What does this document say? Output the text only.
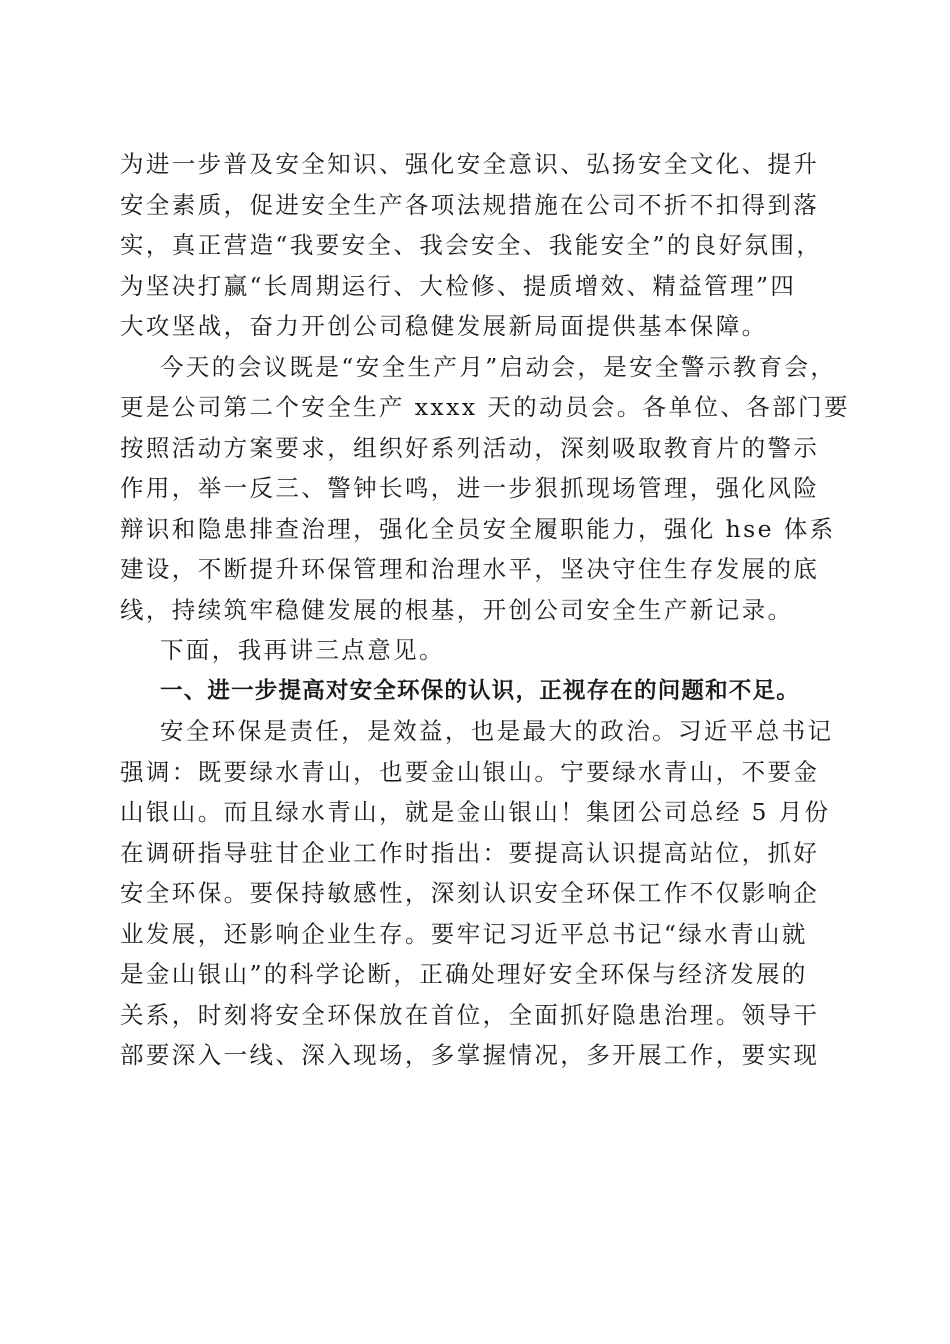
为进一步普及安全知识、强化安全意识、弘扬安全文化、提升
安全素质，促进安全生产各项法规措施在公司不折不扣得到落
实，真正营造“我要安全、我会安全、我能安全”的良好氛围，
为坚决打赢“长周期运行、大检修、提质增效、精益管理”四
大攻坚战，奋力开创公司稳健发展新局面提供基本保障。
今天的会议既是“安全生产月”启动会，是安全警示教育会，
更是公司第二个安全生产 xxxx 天的动员会。各单位、各部门要
按照活动方案要求，组织好系列活动，深刻吸取教育片的警示
作用，举一反三、警钟长鸣，进一步狠抓现场管理，强化风险
辩识和隐患排查治理，强化全员安全履职能力，强化 hse 体系
建设，不断提升环保管理和治理水平，坚决守住生存发展的底
线，持续筑牢稳健发展的根基，开创公司安全生产新记录。
下面，我再讲三点意见。
一、进一步提高对安全环保的认识，正视存在的问题和不足。
安全环保是责任，是效益，也是最大的政治。习近平总书记
强调：既要绿水青山，也要金山银山。宁要绿水青山，不要金
山银山。而且绿水青山，就是金山银山！集团公司总经 5 月份
在调研指导驻甘企业工作时指出：要提高认识提高站位，抓好
安全环保。要保持敏感性，深刻认识安全环保工作不仅影响企
业发展，还影响企业生存。要牢记习近平总书记“绿水青山就
是金山银山”的科学论断，正确处理好安全环保与经济发展的
关系，时刻将安全环保放在首位，全面抓好隐患治理。领导干
部要深入一线、深入现场，多掌握情况，多开展工作，要实现
